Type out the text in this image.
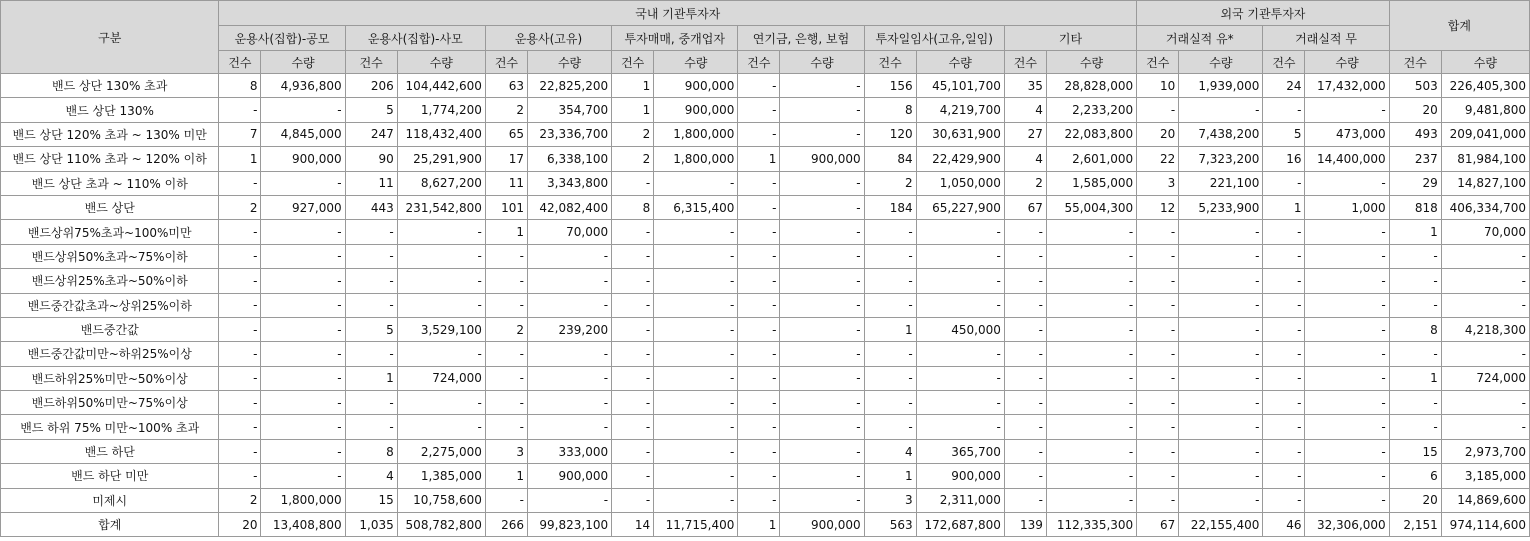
구분	국내 기관투자자														외국 기관투자자				합계	
	운용사(집합)-공모		운용사(집합)-사모		운용사(고유)		투자매매, 중개업자		연기금, 은행, 보험		투자일임사(고유,일임)		기타		거래실적 유*		거래실적 무			
	건수	수량	건수	수량	건수	수량	건수	수량	건수	수량	건수	수량	건수	수량	건수	수량	건수	수량	건수	수량
밴드 상단 130% 초과	8	4,936,800	206	104,442,600	63	22,825,200	1	900,000	-	-	156	45,101,700	35	28,828,000	10	1,939,000	24	17,432,000	503	226,405,300
밴드 상단 130%	-	-	5	1,774,200	2	354,700	1	900,000	-	-	8	4,219,700	4	2,233,200	-	-	-	-	20	9,481,800
밴드 상단 120% 초과 ~ 130% 미만	7	4,845,000	247	118,432,400	65	23,336,700	2	1,800,000	-	-	120	30,631,900	27	22,083,800	20	7,438,200	5	473,000	493	209,041,000
밴드 상단 110% 초과 ~ 120% 이하	1	900,000	90	25,291,900	17	6,338,100	2	1,800,000	1	900,000	84	22,429,900	4	2,601,000	22	7,323,200	16	14,400,000	237	81,984,100
밴드 상단 초과 ~ 110% 이하	-	-	11	8,627,200	11	3,343,800	-	-	-	-	2	1,050,000	2	1,585,000	3	221,100	-	-	29	14,827,100
밴드 상단	2	927,000	443	231,542,800	101	42,082,400	8	6,315,400	-	-	184	65,227,900	67	55,004,300	12	5,233,900	1	1,000	818	406,334,700
밴드상위75%초과~100%미만	-	-	-	-	1	70,000	-	-	-	-	-	-	-	-	-	-	-	-	1	70,000
밴드상위50%초과~75%이하	-	-	-	-	-	-	-	-	-	-	-	-	-	-	-	-	-	-	-	-
밴드상위25%초과~50%이하	-	-	-	-	-	-	-	-	-	-	-	-	-	-	-	-	-	-	-	-
밴드중간값초과~상위25%이하	-	-	-	-	-	-	-	-	-	-	-	-	-	-	-	-	-	-	-	-
밴드중간값	-	-	5	3,529,100	2	239,200	-	-	-	-	1	450,000	-	-	-	-	-	-	8	4,218,300
밴드중간값미만~하위25%이상	-	-	-	-	-	-	-	-	-	-	-	-	-	-	-	-	-	-	-	-
밴드하위25%미만~50%이상	-	-	1	724,000	-	-	-	-	-	-	-	-	-	-	-	-	-	-	1	724,000
밴드하위50%미만~75%이상	-	-	-	-	-	-	-	-	-	-	-	-	-	-	-	-	-	-	-	-
밴드 하위 75% 미만~100% 초과	-	-	-	-	-	-	-	-	-	-	-	-	-	-	-	-	-	-	-	-
밴드 하단	-	-	8	2,275,000	3	333,000	-	-	-	-	4	365,700	-	-	-	-	-	-	15	2,973,700
밴드 하단 미만	-	-	4	1,385,000	1	900,000	-	-	-	-	1	900,000	-	-	-	-	-	-	6	3,185,000
미제시	2	1,800,000	15	10,758,600	-	-	-	-	-	-	3	2,311,000	-	-	-	-	-	-	20	14,869,600
합계	20	13,408,800	1,035	508,782,800	266	99,823,100	14	11,715,400	1	900,000	563	172,687,800	139	112,335,300	67	22,155,400	46	32,306,000	2,151	974,114,600
